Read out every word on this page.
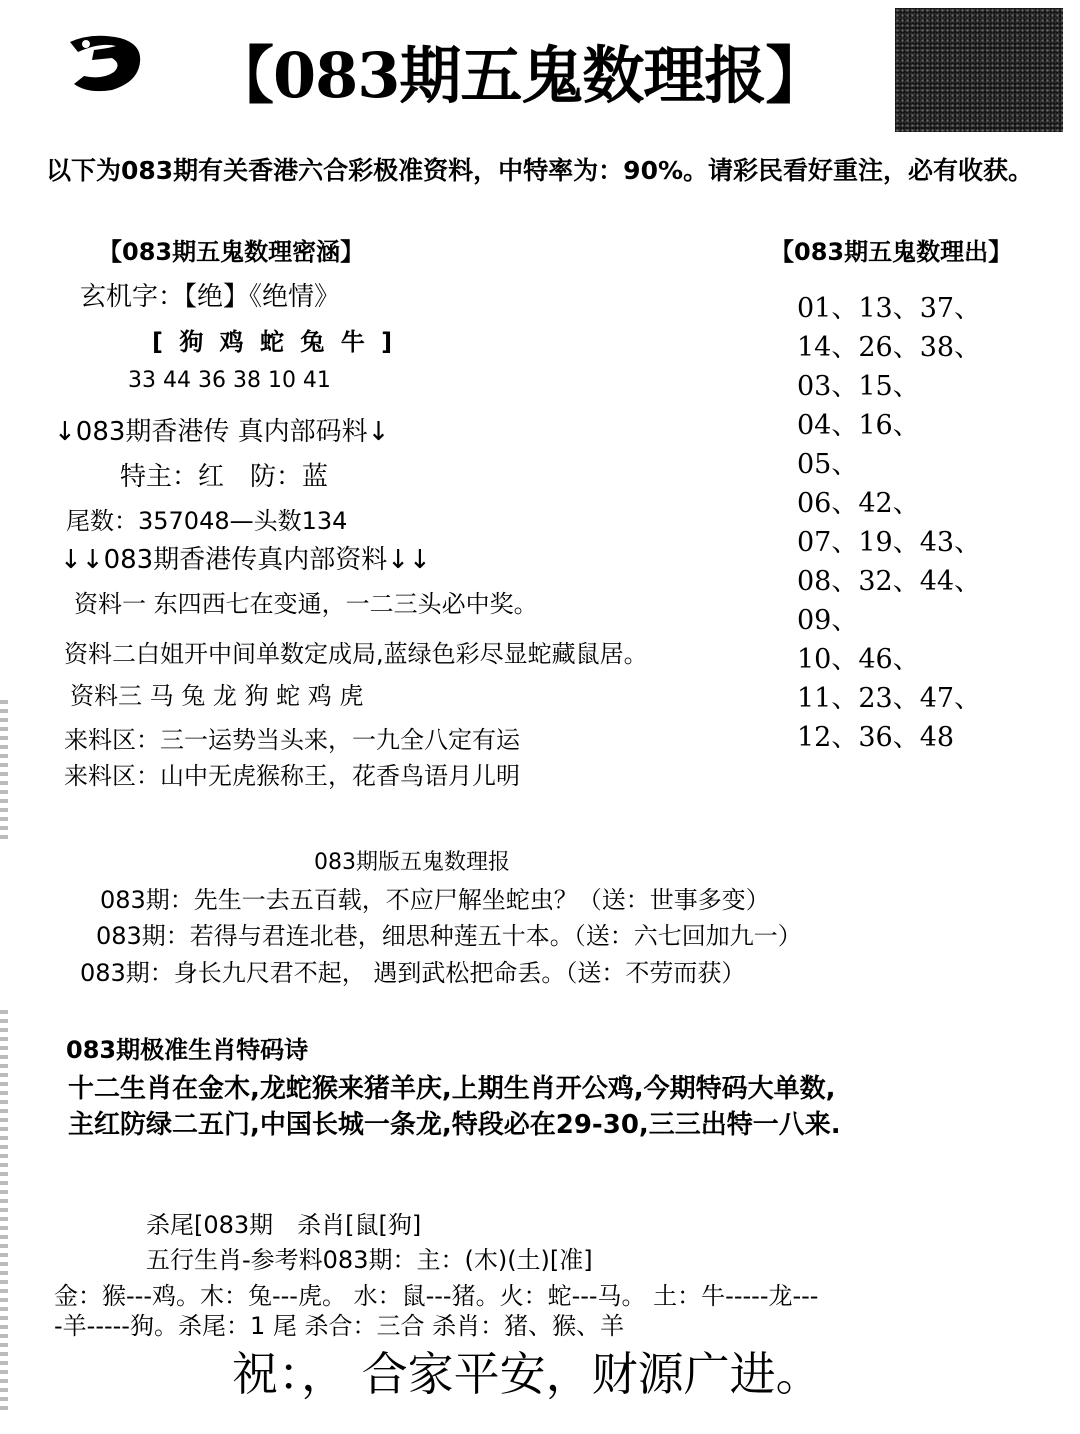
【083期五鬼数理报】
以下为083期有关香港六合彩极准资料，中特率为：90%。请彩民看好重注，必有收获。
【083期五鬼数理密涵】
玄机字：【绝】《绝情》
[ 狗 鸡 蛇 兔 牛 ]
33 44 36 38 10 41
↓083期香港传 真内部码料↓
特主：红　防：蓝
尾数：357048—头数134
↓↓083期香港传真内部资料↓↓
资料一 东四西七在变通，一二三头必中奖。
资料二白姐开中间单数定成局,蓝绿色彩尽显蛇藏鼠居。
资料三 马 兔 龙 狗 蛇 鸡 虎
来料区：三一运势当头来，一九全八定有运
来料区：山中无虎猴称王，花香鸟语月儿明
【083期五鬼数理出】
01、13、37、
14、26、38、
03、15、
04、16、
05、
06、42、
07、19、43、
08、32、44、
09、
10、46、
11、23、47、
12、36、48
083期版五鬼数理报
083期：先生一去五百载，不应尸解坐蛇虫？（送：世事多变）
083期：若得与君连北巷，细思种莲五十本。（送：六七回加九一）
083期：身长九尺君不起， 遇到武松把命丢。（送：不劳而获）
083期极准生肖特码诗
十二生肖在金木,龙蛇猴来猪羊庆,上期生肖开公鸡,今期特码大单数,
主红防绿二五门,中国长城一条龙,特段必在29-30,三三出特一八来.
杀尾[083期　杀肖[鼠[狗]
五行生肖-参考料083期：主：(木)(土)[准]
金：猴---鸡。木：兔---虎。 水：鼠---猪。火：蛇---马。 土：牛-----龙---
-羊-----狗。杀尾：1 尾 杀合：三合 杀肖：猪、猴、羊
祝：， 合家平安，财源广进。
